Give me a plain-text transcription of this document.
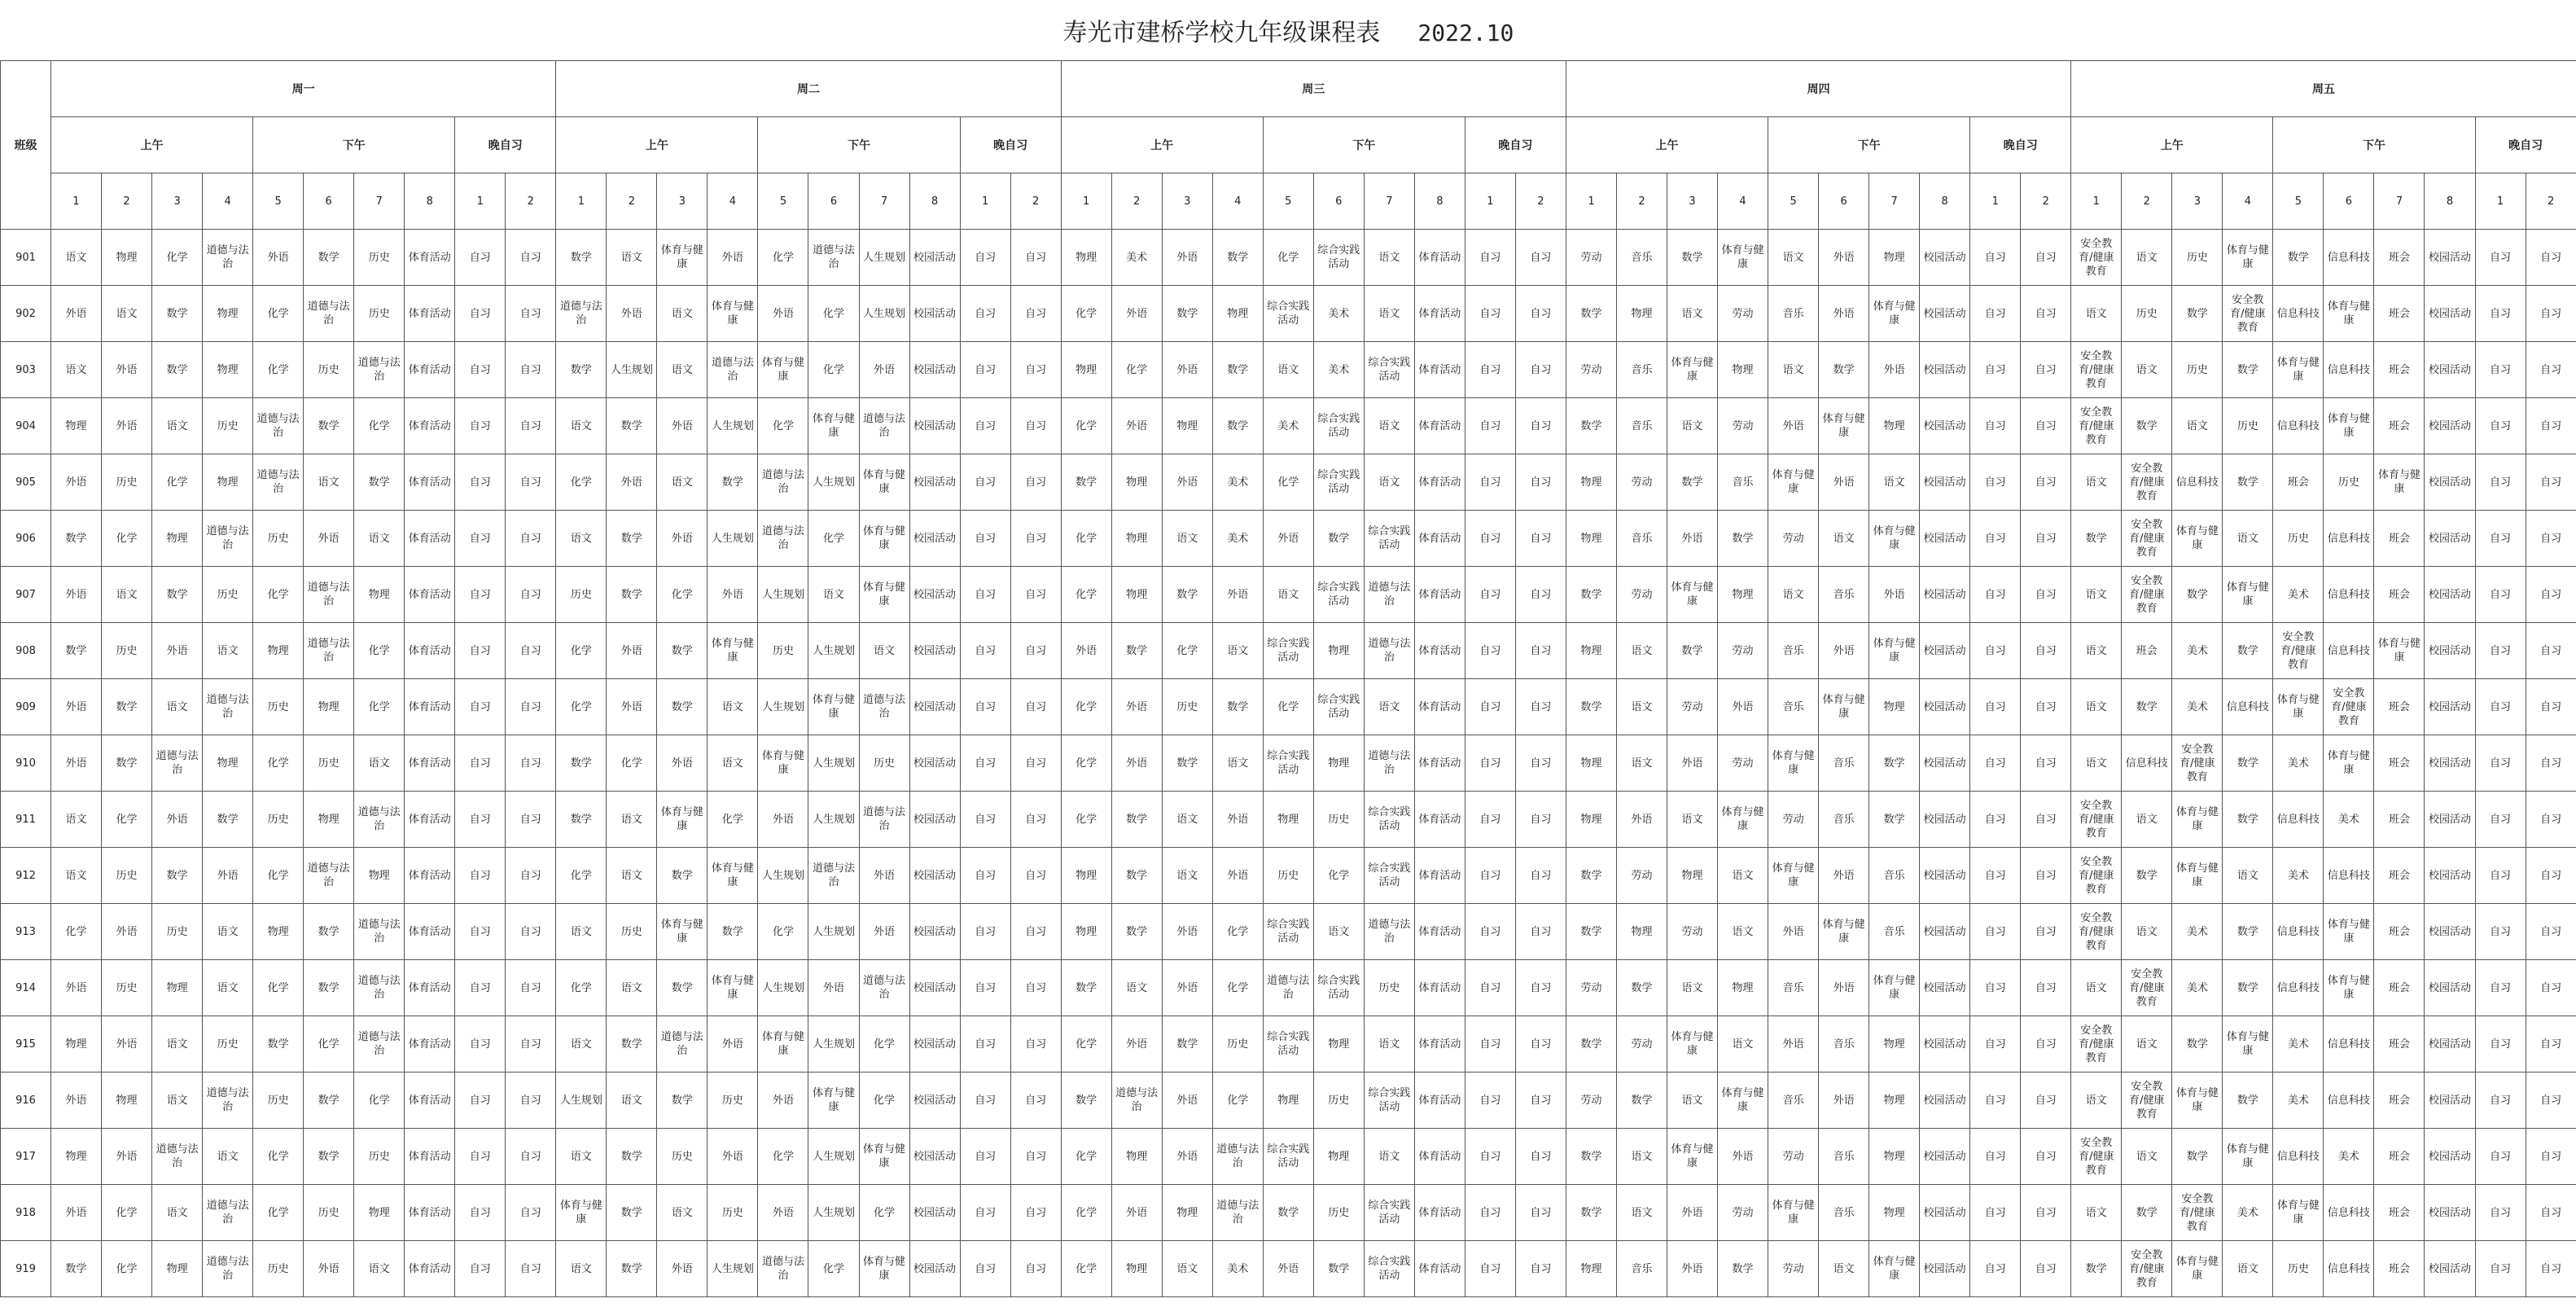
寿光市建桥学校九年级课程表 2022.10																																																		
班级	周一										周二										周三										周四										周五									
	上午				下午				晚自习		上午				下午				晚自习		上午				下午				晚自习		上午				下午				晚自习		上午				下午				晚自习	
	1	2	3	4	5	6	7	8	1	2	1	2	3	4	5	6	7	8	1	2	1	2	3	4	5	6	7	8	1	2	1	2	3	4	5	6	7	8	1	2	1	2	3	4	5	6	7	8	1	2
901	语文	物理	化学	道德与法治	外语	数学	历史	体育活动	自习	自习	数学	语文	体育与健康	外语	化学	道德与法治	人生规划	校园活动	自习	自习	物理	美术	外语	数学	化学	综合实践活动	语文	体育活动	自习	自习	劳动	音乐	数学	体育与健康	语文	外语	物理	校园活动	自习	自习	安全教育/健康教育	语文	历史	体育与健康	数学	信息科技	班会	校园活动	自习	自习
902	外语	语文	数学	物理	化学	道德与法治	历史	体育活动	自习	自习	道德与法治	外语	语文	体育与健康	外语	化学	人生规划	校园活动	自习	自习	化学	外语	数学	物理	综合实践活动	美术	语文	体育活动	自习	自习	数学	物理	语文	劳动	音乐	外语	体育与健康	校园活动	自习	自习	语文	历史	数学	安全教育/健康教育	信息科技	体育与健康	班会	校园活动	自习	自习
903	语文	外语	数学	物理	化学	历史	道德与法治	体育活动	自习	自习	数学	人生规划	语文	道德与法治	体育与健康	化学	外语	校园活动	自习	自习	物理	化学	外语	数学	语文	美术	综合实践活动	体育活动	自习	自习	劳动	音乐	体育与健康	物理	语文	数学	外语	校园活动	自习	自习	安全教育/健康教育	语文	历史	数学	体育与健康	信息科技	班会	校园活动	自习	自习
904	物理	外语	语文	历史	道德与法治	数学	化学	体育活动	自习	自习	语文	数学	外语	人生规划	化学	体育与健康	道德与法治	校园活动	自习	自习	化学	外语	物理	数学	美术	综合实践活动	语文	体育活动	自习	自习	数学	音乐	语文	劳动	外语	体育与健康	物理	校园活动	自习	自习	安全教育/健康教育	数学	语文	历史	信息科技	体育与健康	班会	校园活动	自习	自习
905	外语	历史	化学	物理	道德与法治	语文	数学	体育活动	自习	自习	化学	外语	语文	数学	道德与法治	人生规划	体育与健康	校园活动	自习	自习	数学	物理	外语	美术	化学	综合实践活动	语文	体育活动	自习	自习	物理	劳动	数学	音乐	体育与健康	外语	语文	校园活动	自习	自习	语文	安全教育/健康教育	信息科技	数学	班会	历史	体育与健康	校园活动	自习	自习
906	数学	化学	物理	道德与法治	历史	外语	语文	体育活动	自习	自习	语文	数学	外语	人生规划	道德与法治	化学	体育与健康	校园活动	自习	自习	化学	物理	语文	美术	外语	数学	综合实践活动	体育活动	自习	自习	物理	音乐	外语	数学	劳动	语文	体育与健康	校园活动	自习	自习	数学	安全教育/健康教育	体育与健康	语文	历史	信息科技	班会	校园活动	自习	自习
907	外语	语文	数学	历史	化学	道德与法治	物理	体育活动	自习	自习	历史	数学	化学	外语	人生规划	语文	体育与健康	校园活动	自习	自习	化学	物理	数学	外语	语文	综合实践活动	道德与法治	体育活动	自习	自习	数学	劳动	体育与健康	物理	语文	音乐	外语	校园活动	自习	自习	语文	安全教育/健康教育	数学	体育与健康	美术	信息科技	班会	校园活动	自习	自习
908	数学	历史	外语	语文	物理	道德与法治	化学	体育活动	自习	自习	化学	外语	数学	体育与健康	历史	人生规划	语文	校园活动	自习	自习	外语	数学	化学	语文	综合实践活动	物理	道德与法治	体育活动	自习	自习	物理	语文	数学	劳动	音乐	外语	体育与健康	校园活动	自习	自习	语文	班会	美术	数学	安全教育/健康教育	信息科技	体育与健康	校园活动	自习	自习
909	外语	数学	语文	道德与法治	历史	物理	化学	体育活动	自习	自习	化学	外语	数学	语文	人生规划	体育与健康	道德与法治	校园活动	自习	自习	化学	外语	历史	数学	化学	综合实践活动	语文	体育活动	自习	自习	数学	语文	劳动	外语	音乐	体育与健康	物理	校园活动	自习	自习	语文	数学	美术	信息科技	体育与健康	安全教育/健康教育	班会	校园活动	自习	自习
910	外语	数学	道德与法治	物理	化学	历史	语文	体育活动	自习	自习	数学	化学	外语	语文	体育与健康	人生规划	历史	校园活动	自习	自习	化学	外语	数学	语文	综合实践活动	物理	道德与法治	体育活动	自习	自习	物理	语文	外语	劳动	体育与健康	音乐	数学	校园活动	自习	自习	语文	信息科技	安全教育/健康教育	数学	美术	体育与健康	班会	校园活动	自习	自习
911	语文	化学	外语	数学	历史	物理	道德与法治	体育活动	自习	自习	数学	语文	体育与健康	化学	外语	人生规划	道德与法治	校园活动	自习	自习	化学	数学	语文	外语	物理	历史	综合实践活动	体育活动	自习	自习	物理	外语	语文	体育与健康	劳动	音乐	数学	校园活动	自习	自习	安全教育/健康教育	语文	体育与健康	数学	信息科技	美术	班会	校园活动	自习	自习
912	语文	历史	数学	外语	化学	道德与法治	物理	体育活动	自习	自习	化学	语文	数学	体育与健康	人生规划	道德与法治	外语	校园活动	自习	自习	物理	数学	语文	外语	历史	化学	综合实践活动	体育活动	自习	自习	数学	劳动	物理	语文	体育与健康	外语	音乐	校园活动	自习	自习	安全教育/健康教育	数学	体育与健康	语文	美术	信息科技	班会	校园活动	自习	自习
913	化学	外语	历史	语文	物理	数学	道德与法治	体育活动	自习	自习	语文	历史	体育与健康	数学	化学	人生规划	外语	校园活动	自习	自习	物理	数学	外语	化学	综合实践活动	语文	道德与法治	体育活动	自习	自习	数学	物理	劳动	语文	外语	体育与健康	音乐	校园活动	自习	自习	安全教育/健康教育	语文	美术	数学	信息科技	体育与健康	班会	校园活动	自习	自习
914	外语	历史	物理	语文	化学	数学	道德与法治	体育活动	自习	自习	化学	语文	数学	体育与健康	人生规划	外语	道德与法治	校园活动	自习	自习	数学	语文	外语	化学	道德与法治	综合实践活动	历史	体育活动	自习	自习	劳动	数学	语文	物理	音乐	外语	体育与健康	校园活动	自习	自习	语文	安全教育/健康教育	美术	数学	信息科技	体育与健康	班会	校园活动	自习	自习
915	物理	外语	语文	历史	数学	化学	道德与法治	体育活动	自习	自习	语文	数学	道德与法治	外语	体育与健康	人生规划	化学	校园活动	自习	自习	化学	外语	数学	历史	综合实践活动	物理	语文	体育活动	自习	自习	数学	劳动	体育与健康	语文	外语	音乐	物理	校园活动	自习	自习	安全教育/健康教育	语文	数学	体育与健康	美术	信息科技	班会	校园活动	自习	自习
916	外语	物理	语文	道德与法治	历史	数学	化学	体育活动	自习	自习	人生规划	语文	数学	历史	外语	体育与健康	化学	校园活动	自习	自习	数学	道德与法治	外语	化学	物理	历史	综合实践活动	体育活动	自习	自习	劳动	数学	语文	体育与健康	音乐	外语	物理	校园活动	自习	自习	语文	安全教育/健康教育	体育与健康	数学	美术	信息科技	班会	校园活动	自习	自习
917	物理	外语	道德与法治	语文	化学	数学	历史	体育活动	自习	自习	语文	数学	历史	外语	化学	人生规划	体育与健康	校园活动	自习	自习	化学	物理	外语	道德与法治	综合实践活动	物理	语文	体育活动	自习	自习	数学	语文	体育与健康	外语	劳动	音乐	物理	校园活动	自习	自习	安全教育/健康教育	语文	数学	体育与健康	信息科技	美术	班会	校园活动	自习	自习
918	外语	化学	语文	道德与法治	化学	历史	物理	体育活动	自习	自习	体育与健康	数学	语文	历史	外语	人生规划	化学	校园活动	自习	自习	化学	外语	物理	道德与法治	数学	历史	综合实践活动	体育活动	自习	自习	数学	语文	外语	劳动	体育与健康	音乐	物理	校园活动	自习	自习	语文	数学	安全教育/健康教育	美术	体育与健康	信息科技	班会	校园活动	自习	自习
919	数学	化学	物理	道德与法治	历史	外语	语文	体育活动	自习	自习	语文	数学	外语	人生规划	道德与法治	化学	体育与健康	校园活动	自习	自习	化学	物理	语文	美术	外语	数学	综合实践活动	体育活动	自习	自习	物理	音乐	外语	数学	劳动	语文	体育与健康	校园活动	自习	自习	数学	安全教育/健康教育	体育与健康	语文	历史	信息科技	班会	校园活动	自习	自习
